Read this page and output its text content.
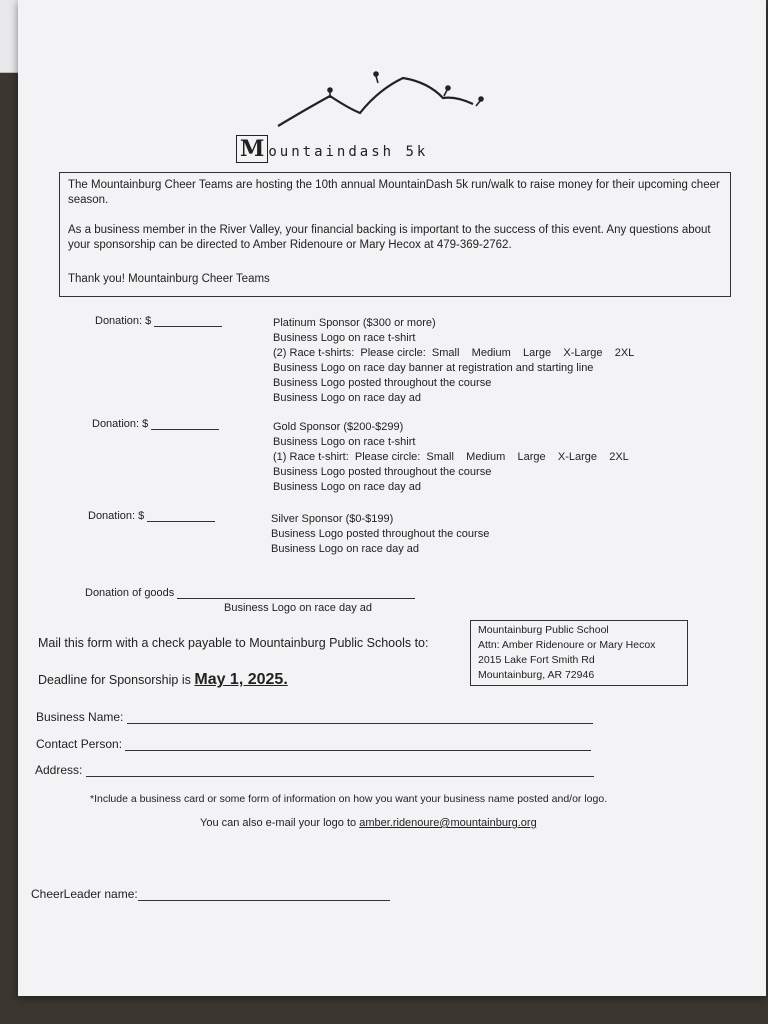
M ountaindash 5k

The Mountainburg Cheer Teams are hosting the 10th annual MountainDash 5k run/walk to raise money for their upcoming cheer season.

As a business member in the River Valley, your financial backing is important to the success of this event. Any questions about your sponsorship can be directed to Amber Ridenoure or Mary Hecox at 479-369-2762.

Thank you! Mountainburg Cheer Teams

Donation: $	Platinum Sponsor ($300 or more)
Business Logo on race t-shirt
(2) Race t-shirts:  Please circle:  Small    Medium    Large    X-Large    2XL
Business Logo on race day banner at registration and starting line
Business Logo posted throughout the course
Business Logo on race day ad
Donation: $	Gold Sponsor ($200-$299)
Business Logo on race t-shirt
(1) Race t-shirt:  Please circle:  Small    Medium    Large    X-Large    2XL
Business Logo posted throughout the course
Business Logo on race day ad
Donation: $	Silver Sponsor ($0-$199)
Business Logo posted throughout the course
Business Logo on race day ad
Donation of goods
Business Logo on race day ad
Mail this form with a check payable to Mountainburg Public Schools to:
Mountainburg Public School
Attn: Amber Ridenoure or Mary Hecox
2015 Lake Fort Smith Rd
Mountainburg, AR 72946
Deadline for Sponsorship is May 1, 2025.
Business Name:
Contact Person:
Address:
*Include a business card or some form of information on how you want your business name posted and/or logo.
You can also e-mail your logo to amber.ridenoure@mountainburg.org
CheerLeader name:
